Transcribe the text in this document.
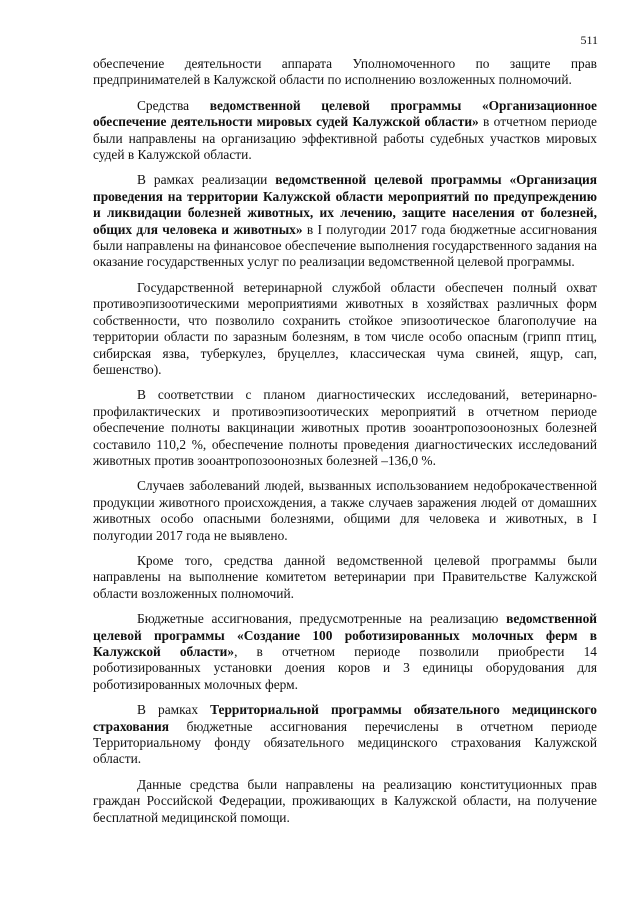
511

обеспечение деятельности аппарата Уполномоченного по защите прав предпринимателей в Калужской области по исполнению возложенных полномочий.

Средства ведомственной целевой программы «Организационное обеспечение деятельности мировых судей Калужской области» в отчетном периоде были направлены на организацию эффективной работы судебных участков мировых судей в Калужской области.

В рамках реализации ведомственной целевой программы «Организация проведения на территории Калужской области мероприятий по предупреждению и ликвидации болезней животных, их лечению, защите населения от болезней, общих для человека и животных» в I полугодии 2017 года бюджетные ассигнования были направлены на финансовое обеспечение выполнения государственного задания на оказание государственных услуг по реализации ведомственной целевой программы.

Государственной ветеринарной службой области обеспечен полный охват противоэпизоотическими мероприятиями животных в хозяйствах различных форм собственности, что позволило сохранить стойкое эпизоотическое благополучие на территории области по заразным болезням, в том числе особо опасным (грипп птиц, сибирская язва, туберкулез, бруцеллез, классическая чума свиней, ящур, сап, бешенство).

В соответствии с планом диагностических исследований, ветеринарно-профилактических и противоэпизоотических мероприятий в отчетном периоде обеспечение полноты вакцинации животных против зооантропозоонозных болезней составило 110,2 %, обеспечение полноты проведения диагностических исследований животных против зооантропозоонозных болезней –136,0 %.

Случаев заболеваний людей, вызванных использованием недоброкачественной продукции животного происхождения, а также случаев заражения людей от домашних животных особо опасными болезнями, общими для человека и животных, в I полугодии 2017 года не выявлено.

Кроме того, средства данной ведомственной целевой программы были направлены на выполнение комитетом ветеринарии при Правительстве Калужской области возложенных полномочий.

Бюджетные ассигнования, предусмотренные на реализацию ведомственной целевой программы «Создание 100 роботизированных молочных ферм в Калужской области», в отчетном периоде позволили приобрести 14 роботизированных установки доения коров и 3 единицы оборудования для роботизированных молочных ферм.

В рамках Территориальной программы обязательного медицинского страхования бюджетные ассигнования перечислены в отчетном периоде Территориальному фонду обязательного медицинского страхования Калужской области.

Данные средства были направлены на реализацию конституционных прав граждан Российской Федерации, проживающих в Калужской области, на получение бесплатной медицинской помощи.
